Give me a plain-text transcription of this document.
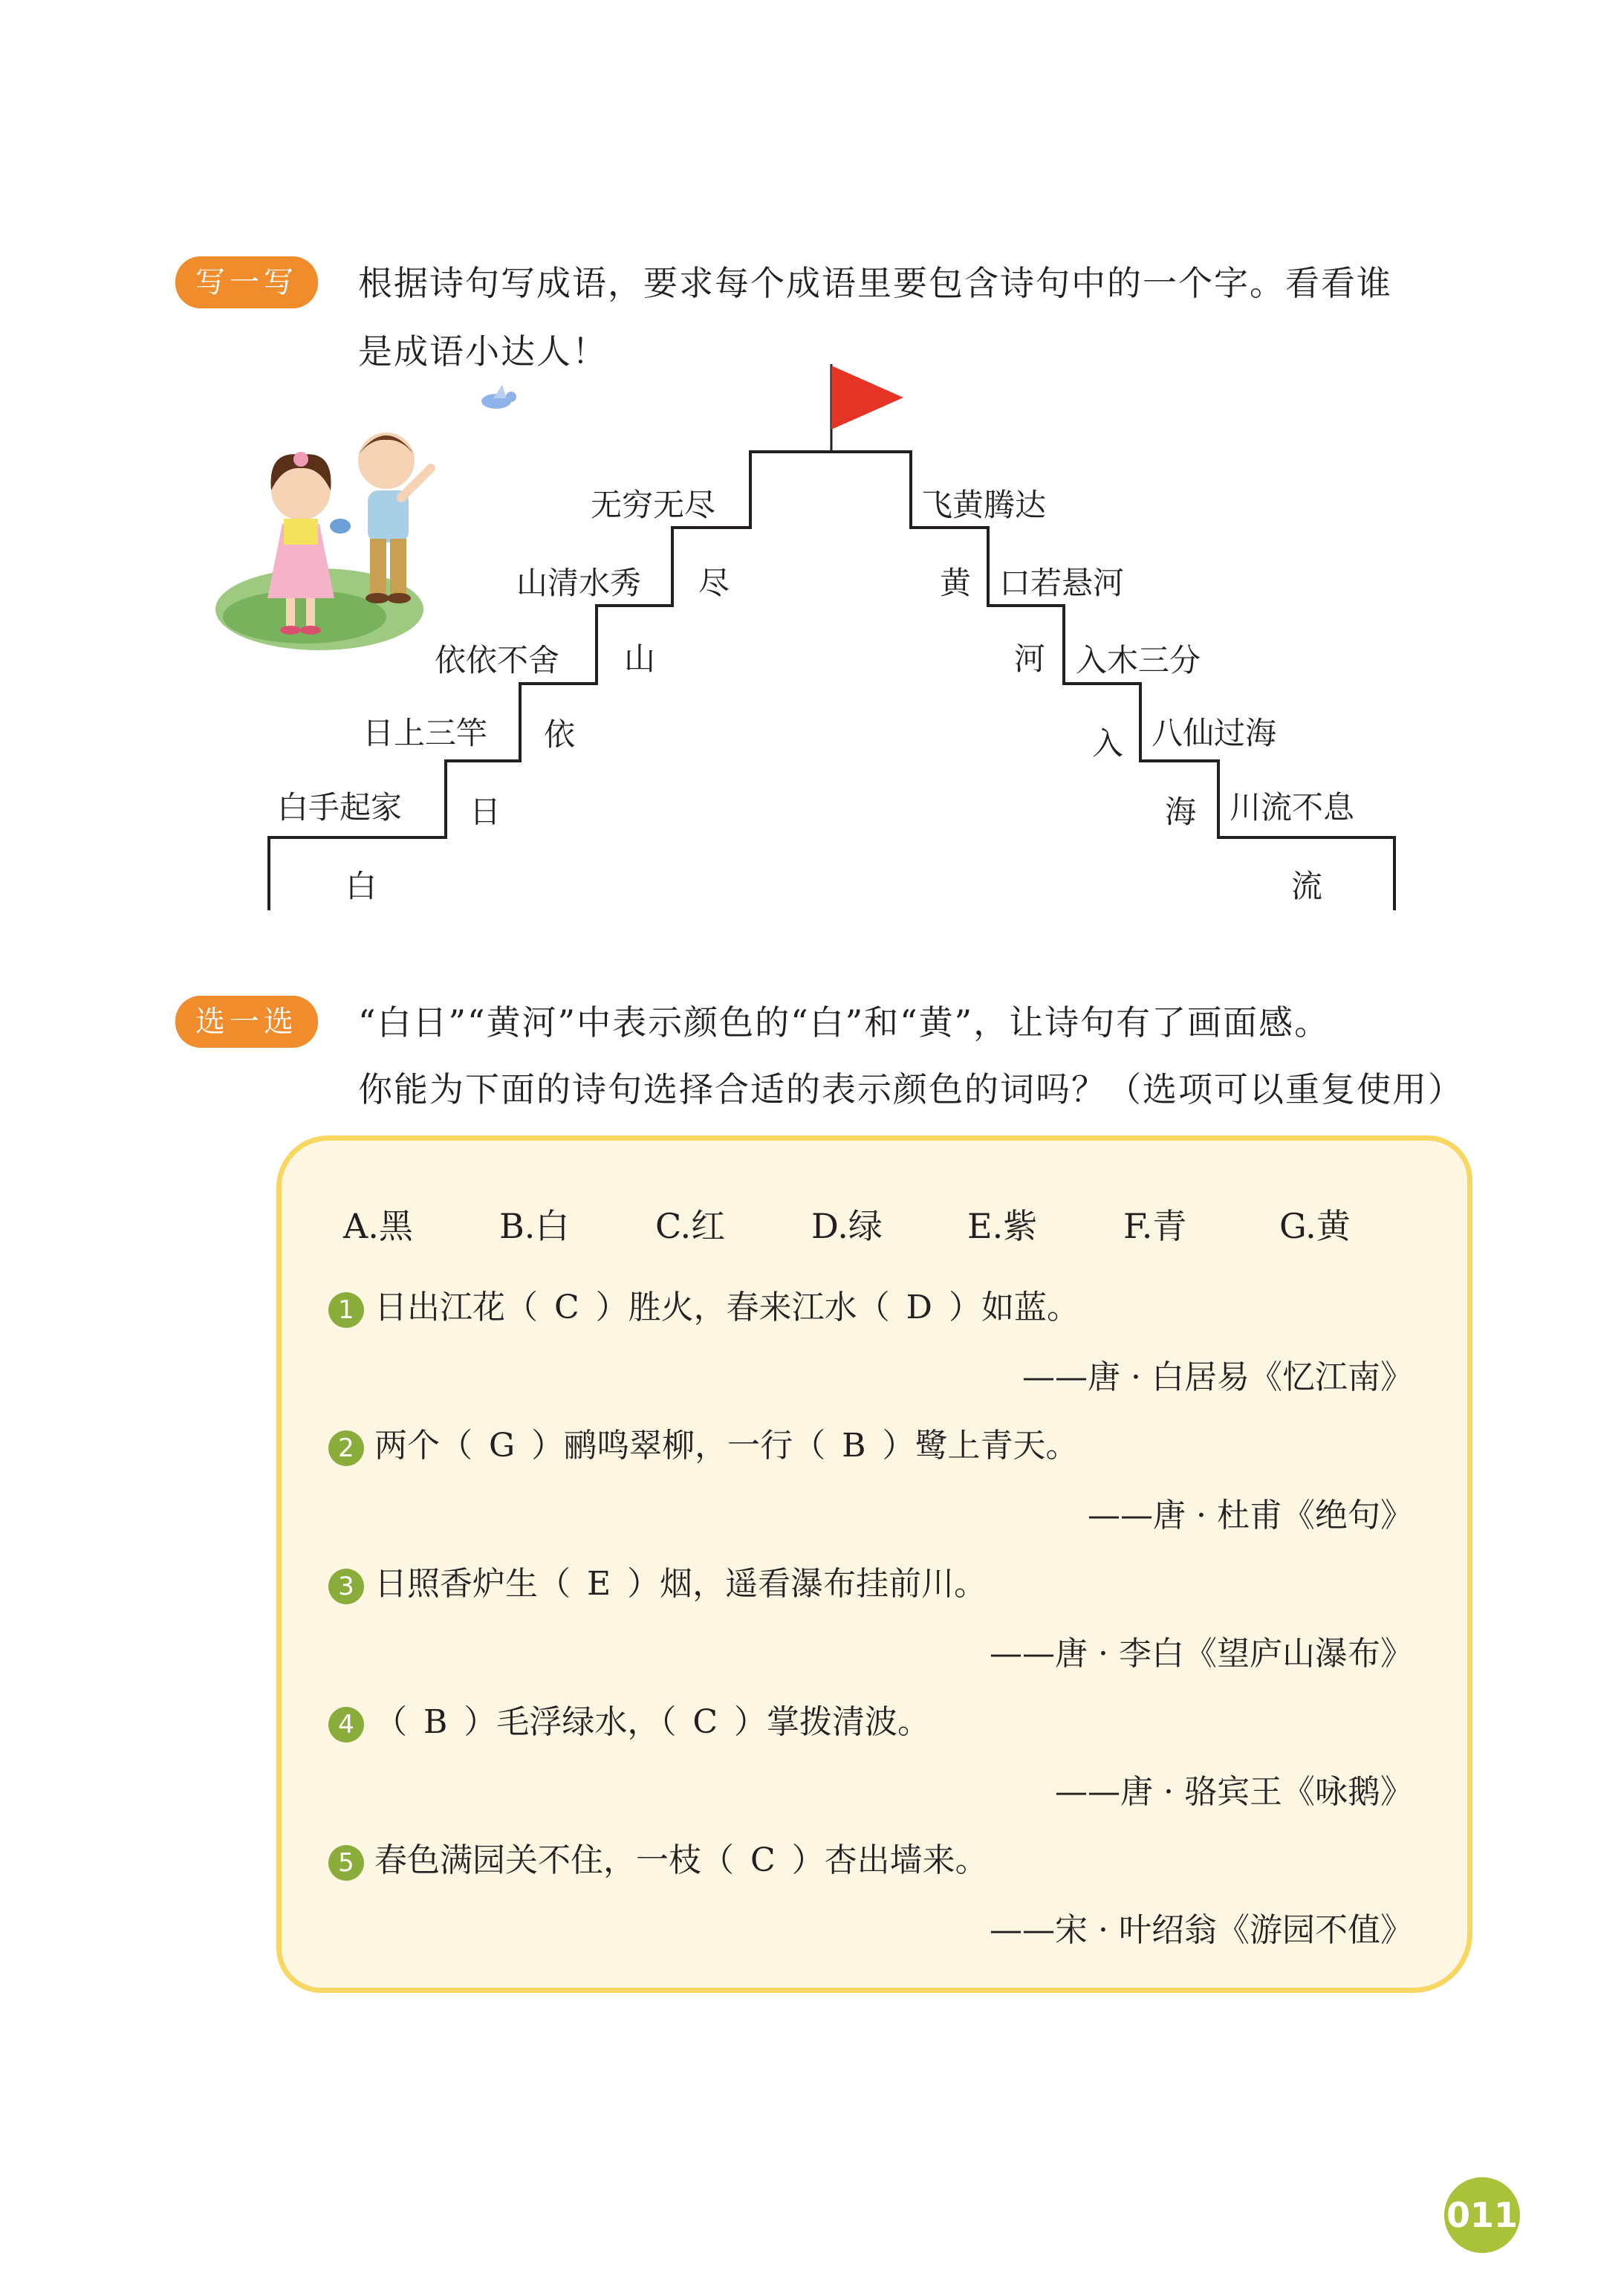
写一写	根据诗句写成语，要求每个成语里要包含诗句中的一个字。看看谁
是成语小达人！
白手起家
日上三竿
依依不舍
山清水秀
无穷无尽
白
日
依
山
尽
飞黄腾达
口若悬河
入木三分
八仙过海
川流不息
黄
河
入
海
流
选一选	“白日”“黄河”中表示颜色的“白”和“黄”，让诗句有了画面感。
你能为下面的诗句选择合适的表示颜色的词吗？（选项可以重复使用）
A.黑	B.白	C.红	D.绿 E.紫	F.青	G.黄
1 日出江花（ C ）胜火，春来江水（ D ）如蓝。
——唐 · 白居易《忆江南》
2 两个（ G ）鹂鸣翠柳，一行（ B ）鹭上青天。
——唐 · 杜甫《绝句》
3 日照香炉生（ E ）烟，遥看瀑布挂前川。
——唐 · 李白《望庐山瀑布》
4 （ B ）毛浮绿水，（ C ）掌拨清波。
——唐 · 骆宾王《咏鹅》
5 春色满园关不住，一枝（ C ）杏出墙来。
——宋 · 叶绍翁《游园不值》
011
